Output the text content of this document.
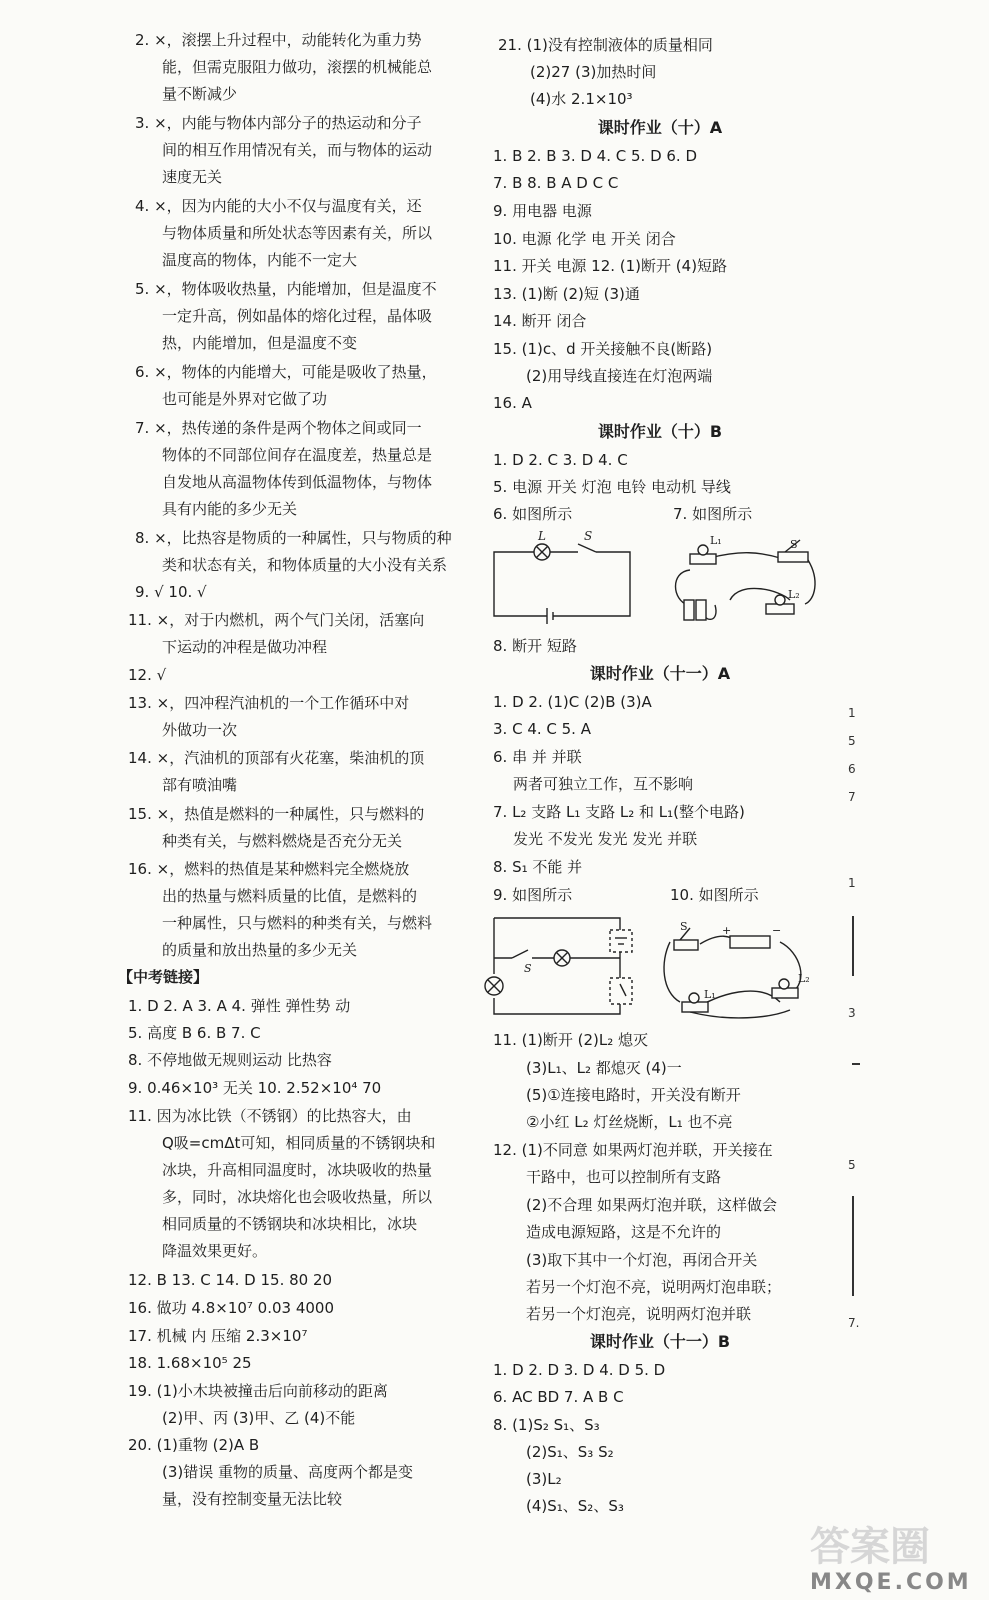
2. ×，滚摆上升过程中，动能转化为重力势
能，但需克服阻力做功，滚摆的机械能总
量不断减少
3. ×，内能与物体内部分子的热运动和分子
间的相互作用情况有关，而与物体的运动
速度无关
4. ×，因为内能的大小不仅与温度有关，还
与物体质量和所处状态等因素有关，所以
温度高的物体，内能不一定大
5. ×，物体吸收热量，内能增加，但是温度不
一定升高，例如晶体的熔化过程，晶体吸
热，内能增加，但是温度不变
6. ×，物体的内能增大，可能是吸收了热量，
也可能是外界对它做了功
7. ×，热传递的条件是两个物体之间或同一
物体的不同部位间存在温度差，热量总是
自发地从高温物体传到低温物体，与物体
具有内能的多少无关
8. ×，比热容是物质的一种属性，只与物质的种
类和状态有关，和物体质量的大小没有关系
9. √ 10. √
11. ×，对于内燃机，两个气门关闭，活塞向
下运动的冲程是做功冲程
12. √
13. ×，四冲程汽油机的一个工作循环中对
外做功一次
14. ×，汽油机的顶部有火花塞，柴油机的顶
部有喷油嘴
15. ×，热值是燃料的一种属性，只与燃料的
种类有关，与燃料燃烧是否充分无关
16. ×，燃料的热值是某种燃料完全燃烧放
出的热量与燃料质量的比值，是燃料的
一种属性，只与燃料的种类有关，与燃料
的质量和放出热量的多少无关
【中考链接】
1. D 2. A 3. A 4. 弹性 弹性势 动
5. 高度 B 6. B 7. C
8. 不停地做无规则运动 比热容
9. 0.46×10³ 无关 10. 2.52×10⁴ 70
11. 因为冰比铁（不锈钢）的比热容大，由
Q吸=cmΔt可知，相同质量的不锈钢块和
冰块，升高相同温度时，冰块吸收的热量
多，同时，冰块熔化也会吸收热量，所以
相同质量的不锈钢块和冰块相比，冰块
降温效果更好。
12. B 13. C 14. D 15. 80 20
16. 做功 4.8×10⁷ 0.03 4000
17. 机械 内 压缩 2.3×10⁷
18. 1.68×10⁵ 25
19. (1)小木块被撞击后向前移动的距离
(2)甲、丙 (3)甲、乙 (4)不能
20. (1)重物 (2)A B
(3)错误 重物的质量、高度两个都是变
量，没有控制变量无法比较
21. (1)没有控制液体的质量相同
(2)27 (3)加热时间
(4)水 2.1×10³
课时作业（十）A
1. B 2. B 3. D 4. C 5. D 6. D
7. B 8. B A D C C
9. 用电器 电源
10. 电源 化学 电 开关 闭合
11. 开关 电源 12. (1)断开 (4)短路
13. (1)断 (2)短 (3)通
14. 断开 闭合
15. (1)c、d 开关接触不良(断路)
(2)用导线直接连在灯泡两端
16. A
课时作业（十）B
1. D 2. C 3. D 4. C
5. 电源 开关 灯泡 电铃 电动机 导线
6. 如图所示	7. 如图所示
L	S	L₁	S
L₂
8. 断开 短路
课时作业（十一）A
1. D 2. (1)C (2)B (3)A
3. C 4. C 5. A
6. 串 并 并联
两者可独立工作，互不影响
7. L₂ 支路 L₁ 支路 L₂ 和 L₁(整个电路)
发光 不发光 发光 发光 并联
8. S₁ 不能 并
9. 如图所示	10. 如图所示
S
+	−
S
L₂
L₁
11. (1)断开 (2)L₂ 熄灭
(3)L₁、L₂ 都熄灭 (4)一
(5)①连接电路时，开关没有断开
②小红 L₂ 灯丝烧断，L₁ 也不亮
12. (1)不同意 如果两灯泡并联，开关接在
干路中，也可以控制所有支路
(2)不合理 如果两灯泡并联，这样做会
造成电源短路，这是不允许的
(3)取下其中一个灯泡，再闭合开关
若另一个灯泡不亮，说明两灯泡串联；
若另一个灯泡亮，说明两灯泡并联
课时作业（十一）B
1. D 2. D 3. D 4. D 5. D
6. AC BD 7. A B C
8. (1)S₂ S₁、S₃
(2)S₁、S₃ S₂
(3)L₂
(4)S₁、S₂、S₃
1
5
6
7
1
3
5
7.
答案圈
MXQE.COM
